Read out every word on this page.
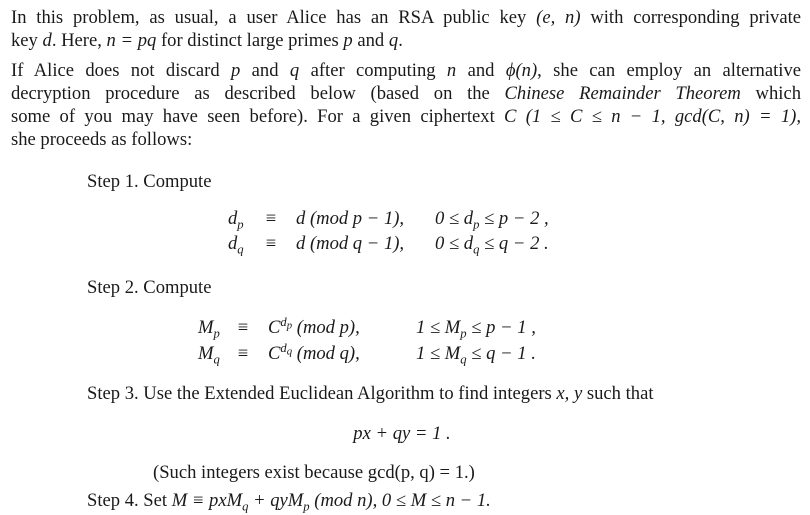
In this problem, as usual, a user Alice has an RSA public key (e, n) with corresponding private
key d. Here, n = pq for distinct large primes p and q.
If Alice does not discard p and q after computing n and ϕ(n), she can employ an alternative
decryption procedure as described below (based on the Chinese Remainder Theorem which
some of you may have seen before). For a given ciphertext C (1 ≤ C ≤ n − 1, gcd(C, n) = 1),
she proceeds as follows:
Step 1. Compute
$d_p \equiv d$ (mod p − 1), $0 \le d_p \le p - 2$ ,
$d_q \equiv d$ (mod q − 1), $0 \le d_q \le q - 2$ .
Step 2. Compute
$M_p \equiv C^{d_p}$ (mod p),	$1 \le M_p \le p - 1$ ,
$M_q \equiv C^{d_q}$ (mod q),	$1 \le M_q \le q - 1$ .
Step 3. Use the Extended Euclidean Algorithm to find integers x, y such that
px + qy = 1 .
(Such integers exist because gcd(p, q) = 1.)
Step 4. Set M ≡ pxM$_q$ + qyM$_p$ (mod n), 0 ≤ M ≤ n − 1.
